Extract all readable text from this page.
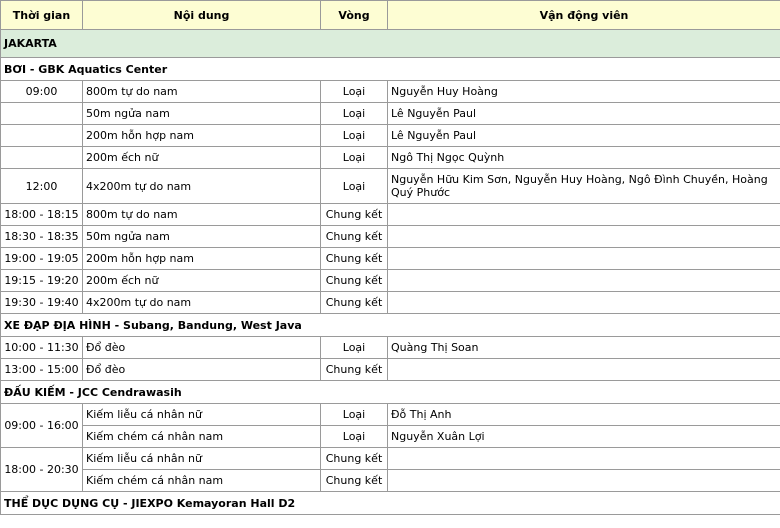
Thời gian	Nội dung	Vòng	Vận động viên
JAKARTA			
BƠI - GBK Aquatics Center			
09:00	800m tự do nam	Loại	Nguyễn Huy Hoàng
	50m ngửa nam	Loại	Lê Nguyễn Paul
	200m hỗn hợp nam	Loại	Lê Nguyễn Paul
	200m ếch nữ	Loại	Ngô Thị Ngọc Quỳnh
12:00	4x200m tự do nam	Loại	Nguyễn Hữu Kim Sơn, Nguyễn Huy Hoàng, Ngô Đình Chuyền, Hoàng Quý Phước
18:00 - 18:15	800m tự do nam	Chung kết	
18:30 - 18:35	50m ngửa nam	Chung kết	
19:00 - 19:05	200m hỗn hợp nam	Chung kết	
19:15 - 19:20	200m ếch nữ	Chung kết	
19:30 - 19:40	4x200m tự do nam	Chung kết	
XE ĐẠP ĐỊA HÌNH - Subang, Bandung, West Java			
10:00 - 11:30	Đổ đèo	Loại	Quàng Thị Soan
13:00 - 15:00	Đổ đèo	Chung kết	
ĐẤU KIẾM - JCC Cendrawasih			
09:00 - 16:00	Kiếm liễu cá nhân nữ	Loại	Đỗ Thị Anh
	Kiếm chém cá nhân nam	Loại	Nguyễn Xuân Lợi
18:00 - 20:30	Kiếm liễu cá nhân nữ	Chung kết	
	Kiếm chém cá nhân nam	Chung kết	
THỂ DỤC DỤNG CỤ - JIEXPO Kemayoran Hall D2			
